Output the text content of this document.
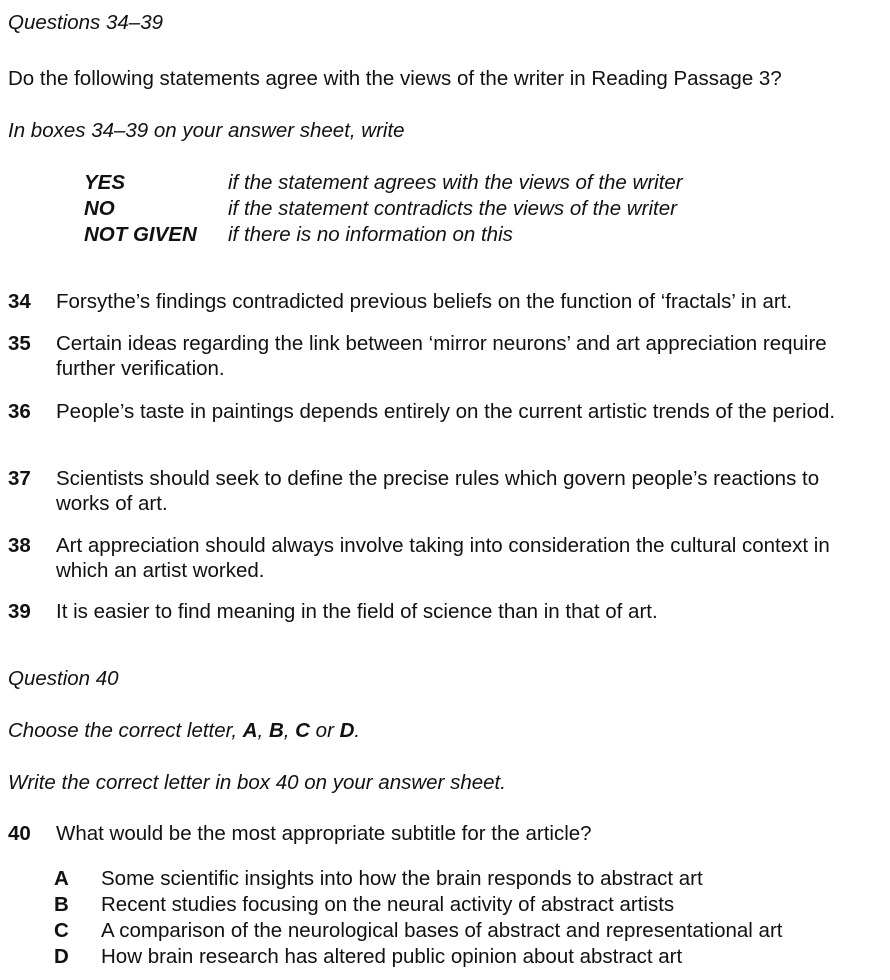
Questions 34–39
Do the following statements agree with the views of the writer in Reading Passage 3?
In boxes 34–39 on your answer sheet, write
YES	if the statement agrees with the views of the writer
NO	if the statement contradicts the views of the writer
NOT GIVEN	if there is no information on this
34	Forsythe’s findings contradicted previous beliefs on the function of ‘fractals’ in art.
35	Certain ideas regarding the link between ‘mirror neurons’ and art appreciation require further verification.
36	People’s taste in paintings depends entirely on the current artistic trends of the period.
37	Scientists should seek to define the precise rules which govern people’s reactions to works of art.
38	Art appreciation should always involve taking into consideration the cultural context in which an artist worked.
39	It is easier to find meaning in the field of science than in that of art.
Question 40
Choose the correct letter, A, B, C or D.
Write the correct letter in box 40 on your answer sheet.
40	What would be the most appropriate subtitle for the article?
A	Some scientific insights into how the brain responds to abstract art
B	Recent studies focusing on the neural activity of abstract artists
C	A comparison of the neurological bases of abstract and representational art
D	How brain research has altered public opinion about abstract art
